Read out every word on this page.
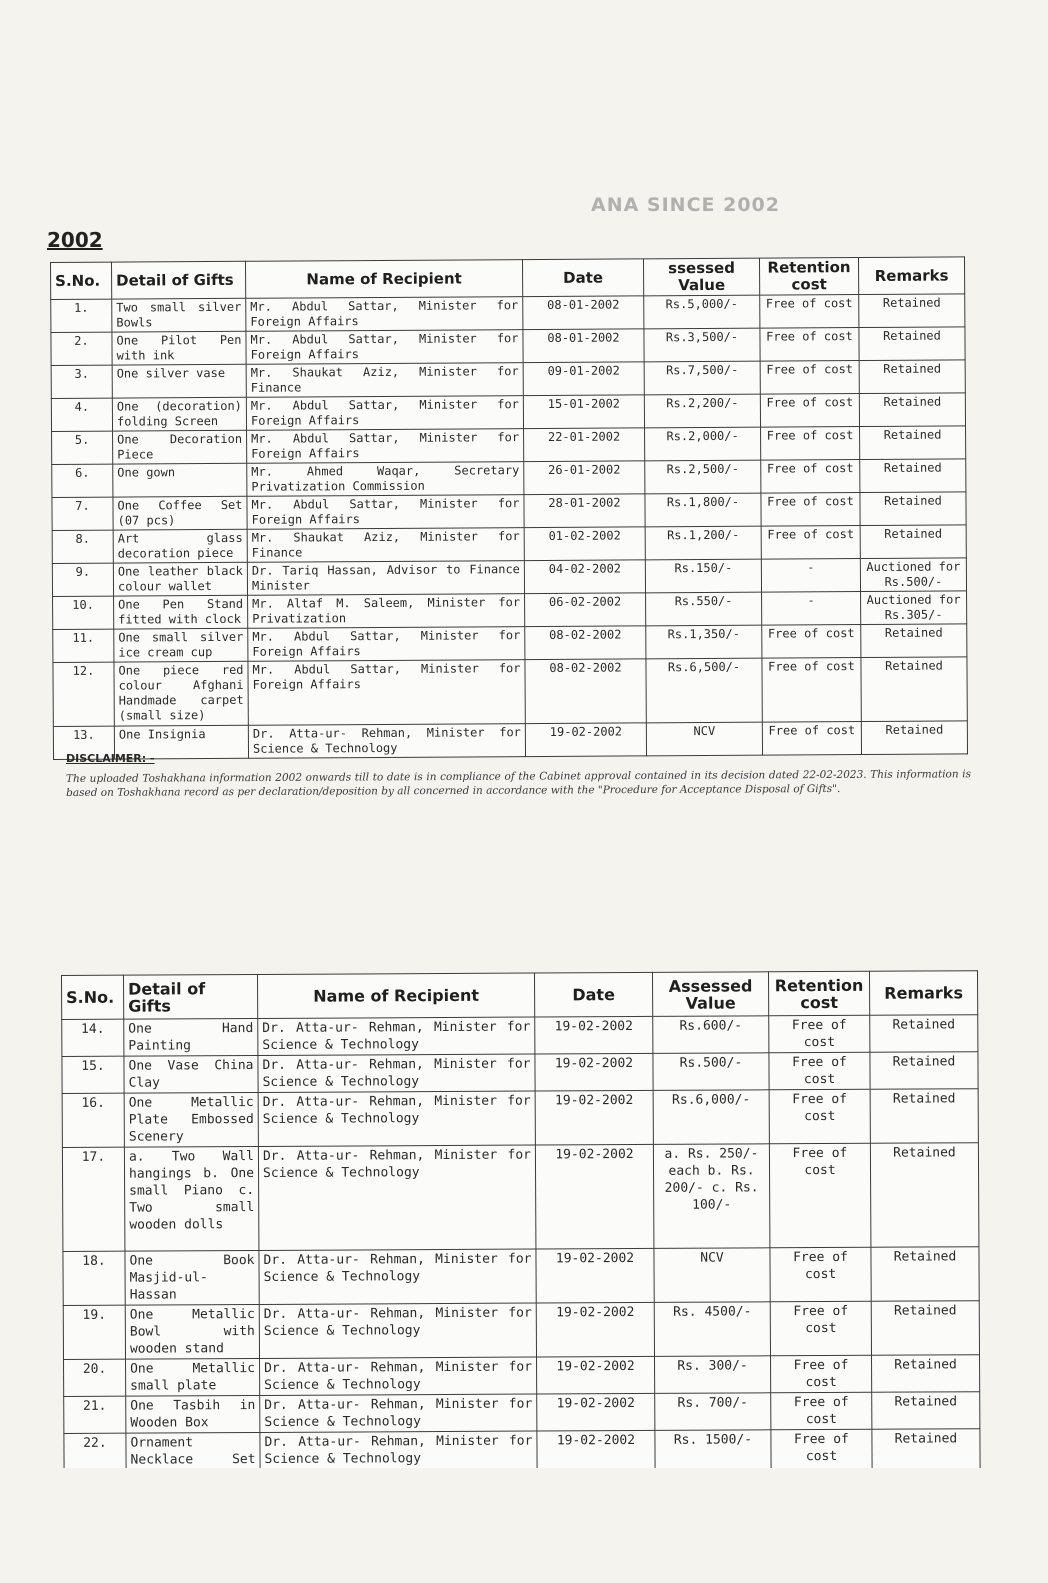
ANA SINCE 2002
2002
S.No.	Detail of Gifts	Name of Recipient	Date	ssessed Value	Retention cost	Remarks
1.	Two small silver Bowls	Mr. Abdul Sattar, Minister for Foreign Affairs	08-01-2002	Rs.5,000/-	Free of cost	Retained
2.	One Pilot Pen with ink	Mr. Abdul Sattar, Minister for Foreign Affairs	08-01-2002	Rs.3,500/-	Free of cost	Retained
3.	One silver vase	Mr. Shaukat Aziz, Minister for Finance	09-01-2002	Rs.7,500/-	Free of cost	Retained
4.	One (decoration) folding Screen	Mr. Abdul Sattar, Minister for Foreign Affairs	15-01-2002	Rs.2,200/-	Free of cost	Retained
5.	One Decoration Piece	Mr. Abdul Sattar, Minister for Foreign Affairs	22-01-2002	Rs.2,000/-	Free of cost	Retained
6.	One gown	Mr. Ahmed Waqar, Secretary Privatization Commission	26-01-2002	Rs.2,500/-	Free of cost	Retained
7.	One Coffee Set (07 pcs)	Mr. Abdul Sattar, Minister for Foreign Affairs	28-01-2002	Rs.1,800/-	Free of cost	Retained
8.	Art glass decoration piece	Mr. Shaukat Aziz, Minister for Finance	01-02-2002	Rs.1,200/-	Free of cost	Retained
9.	One leather black colour wallet	Dr. Tariq Hassan, Advisor to Finance Minister	04-02-2002	Rs.150/-	-	Auctioned for Rs.500/-
10.	One Pen Stand fitted with clock	Mr. Altaf M. Saleem, Minister for Privatization	06-02-2002	Rs.550/-	-	Auctioned for Rs.305/-
11.	One small silver ice cream cup	Mr. Abdul Sattar, Minister for Foreign Affairs	08-02-2002	Rs.1,350/-	Free of cost	Retained
12.	One piece red colour Afghani Handmade carpet (small size)	Mr. Abdul Sattar, Minister for Foreign Affairs	08-02-2002	Rs.6,500/-	Free of cost	Retained
13.	One Insignia	Dr. Atta-ur- Rehman, Minister for Science & Technology	19-02-2002	NCV	Free of cost	Retained
DISCLAIMER: -
The uploaded Toshakhana information 2002 onwards till to date is in compliance of the Cabinet approval contained in its decision dated 22-02-2023. This information is based on Toshakhana record as per declaration/deposition by all concerned in accordance with the "Procedure for Acceptance Disposal of Gifts".
S.No.	Detail of Gifts	Name of Recipient	Date	Assessed Value	Retention cost	Remarks
14.	One Hand Painting	Dr. Atta-ur- Rehman, Minister for Science & Technology	19-02-2002	Rs.600/-	Free of cost	Retained
15.	One Vase China Clay	Dr. Atta-ur- Rehman, Minister for Science & Technology	19-02-2002	Rs.500/-	Free of cost	Retained
16.	One Metallic Plate Embossed Scenery	Dr. Atta-ur- Rehman, Minister for Science & Technology	19-02-2002	Rs.6,000/-	Free of cost	Retained
17.	a. Two Wall hangings b. One small Piano c. Two small wooden dolls	Dr. Atta-ur- Rehman, Minister for Science & Technology	19-02-2002	a. Rs. 250/- each b. Rs. 200/- c. Rs. 100/-	Free of cost	Retained
18.	One Book Masjid-ul-Hassan	Dr. Atta-ur- Rehman, Minister for Science & Technology	19-02-2002	NCV	Free of cost	Retained
19.	One Metallic Bowl with wooden stand	Dr. Atta-ur- Rehman, Minister for Science & Technology	19-02-2002	Rs. 4500/-	Free of cost	Retained
20.	One Metallic small plate	Dr. Atta-ur- Rehman, Minister for Science & Technology	19-02-2002	Rs. 300/-	Free of cost	Retained
21.	One Tasbih in Wooden Box	Dr. Atta-ur- Rehman, Minister for Science & Technology	19-02-2002	Rs. 700/-	Free of cost	Retained
22.	Ornament Necklace Set	Dr. Atta-ur- Rehman, Minister for Science & Technology	19-02-2002	Rs. 1500/-	Free of cost	Retained
